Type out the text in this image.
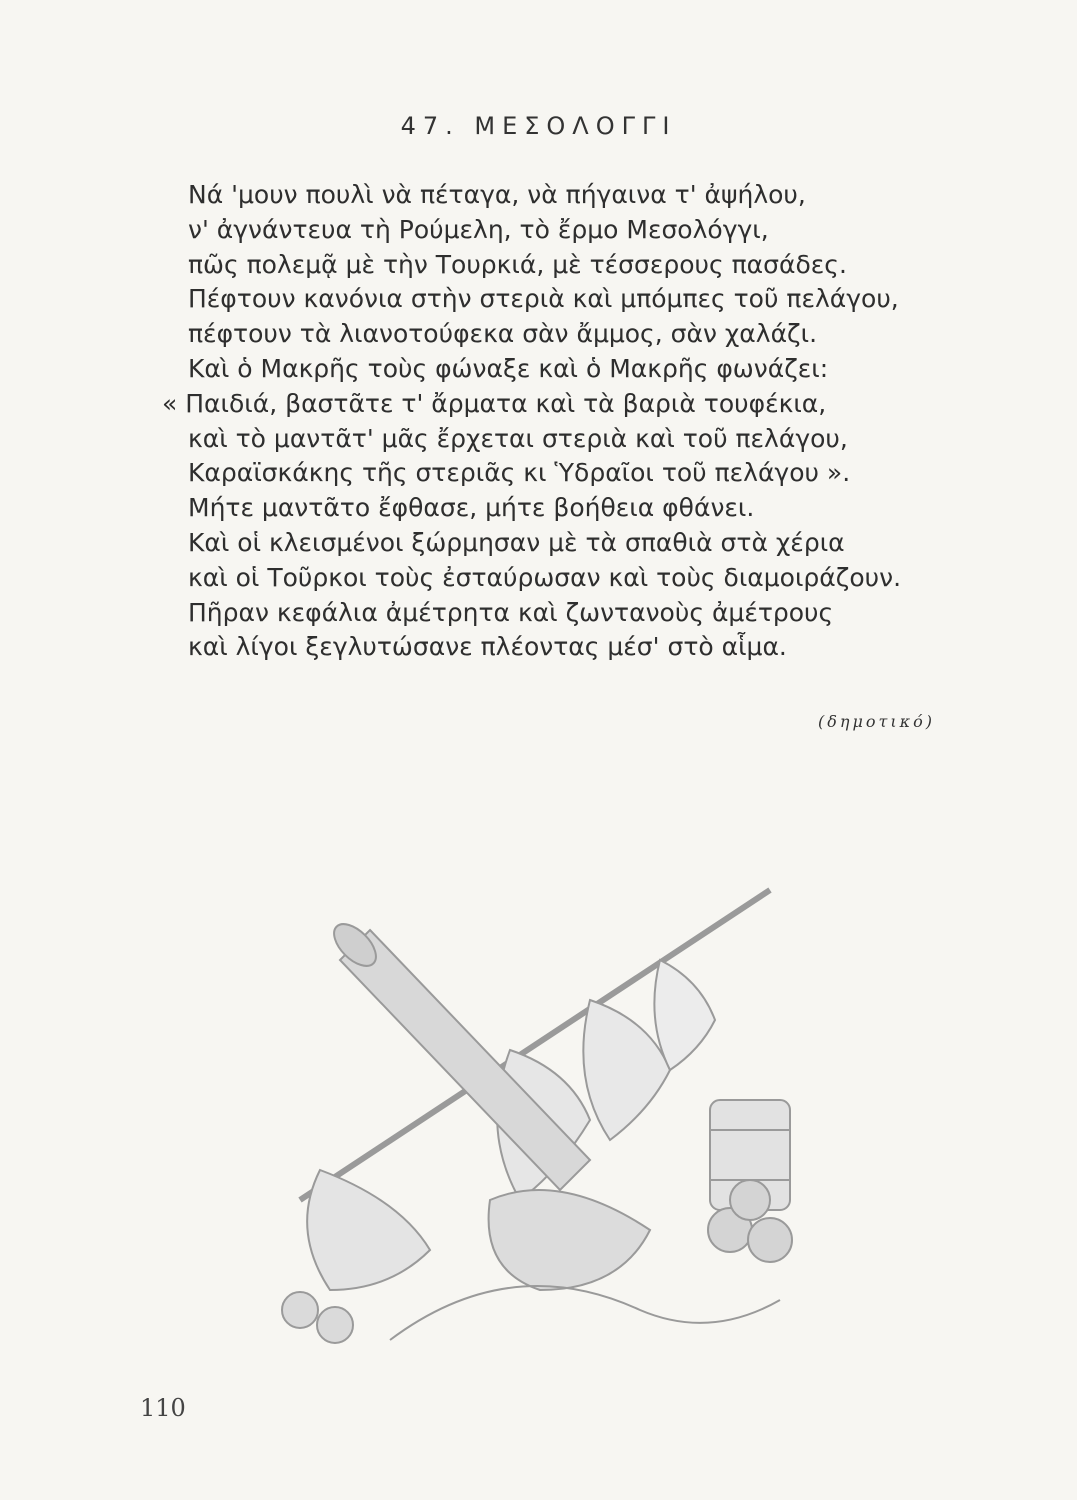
47. ΜΕΣΟΛΟΓΓΙ
Νά 'μουν πουλὶ νὰ πέταγα, νὰ πήγαινα τ' ἀψήλου,
ν' ἀγνάντευα τὴ Ρούμελη, τὸ ἔρμο Μεσολόγγι,
πῶς πολεμᾷ μὲ τὴν Τουρκιά, μὲ τέσσερους πασάδες.
Πέφτουν κανόνια στὴν στεριὰ καὶ μπόμπες τοῦ πελάγου,
πέφτουν τὰ λιανοτούφεκα σὰν ἄμμος, σὰν χαλάζι.
Καὶ ὁ Μακρῆς τοὺς φώναξε καὶ ὁ Μακρῆς φωνάζει:
« Παιδιά, βαστᾶτε τ' ἄρματα καὶ τὰ βαριὰ τουφέκια,
καὶ τὸ μαντᾶτ' μᾶς ἔρχεται στεριὰ καὶ τοῦ πελάγου,
Καραϊσκάκης τῆς στεριᾶς κι Ὑδραῖοι τοῦ πελάγου ».
Μήτε μαντᾶτο ἔφθασε, μήτε βοήθεια φθάνει.
Καὶ οἱ κλεισμένοι ξώρμησαν μὲ τὰ σπαθιὰ στὰ χέρια
καὶ οἱ Τοῦρκοι τοὺς ἐσταύρωσαν καὶ τοὺς διαμοιράζουν.
Πῆραν κεφάλια ἀμέτρητα καὶ ζωντανοὺς ἀμέτρους
καὶ λίγοι ξεγλυτώσανε πλέοντας μέσ' στὸ αἷμα.
(δημοτικό)
110
